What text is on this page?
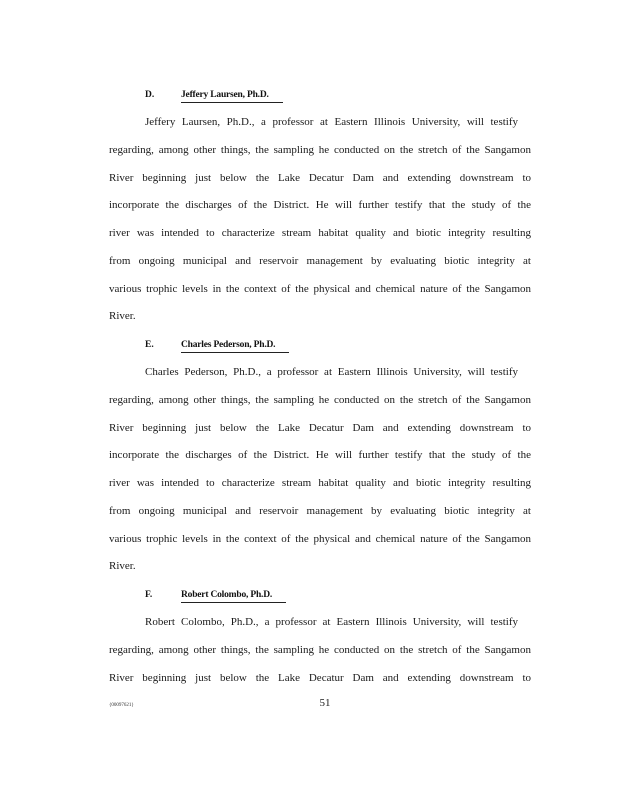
D.	Jeffery Laursen, Ph.D.
Jeffery Laursen, Ph.D., a professor at Eastern Illinois University, will testify
regarding, among other things, the sampling he conducted on the stretch of the Sangamon
River beginning just below the Lake Decatur Dam and extending downstream to
incorporate the discharges of the District. He will further testify that the study of the
river was intended to characterize stream habitat quality and biotic integrity resulting
from ongoing municipal and reservoir management by evaluating biotic integrity at
various trophic levels in the context of the physical and chemical nature of the Sangamon
River.
E.	Charles Pederson, Ph.D.
Charles Pederson, Ph.D., a professor at Eastern Illinois University, will testify
regarding, among other things, the sampling he conducted on the stretch of the Sangamon
River beginning just below the Lake Decatur Dam and extending downstream to
incorporate the discharges of the District. He will further testify that the study of the
river was intended to characterize stream habitat quality and biotic integrity resulting
from ongoing municipal and reservoir management by evaluating biotic integrity at
various trophic levels in the context of the physical and chemical nature of the Sangamon
River.
F.	Robert Colombo, Ph.D.
Robert Colombo, Ph.D., a professor at Eastern Illinois University, will testify
regarding, among other things, the sampling he conducted on the stretch of the Sangamon
River beginning just below the Lake Decatur Dam and extending downstream to
{00097621}	51
